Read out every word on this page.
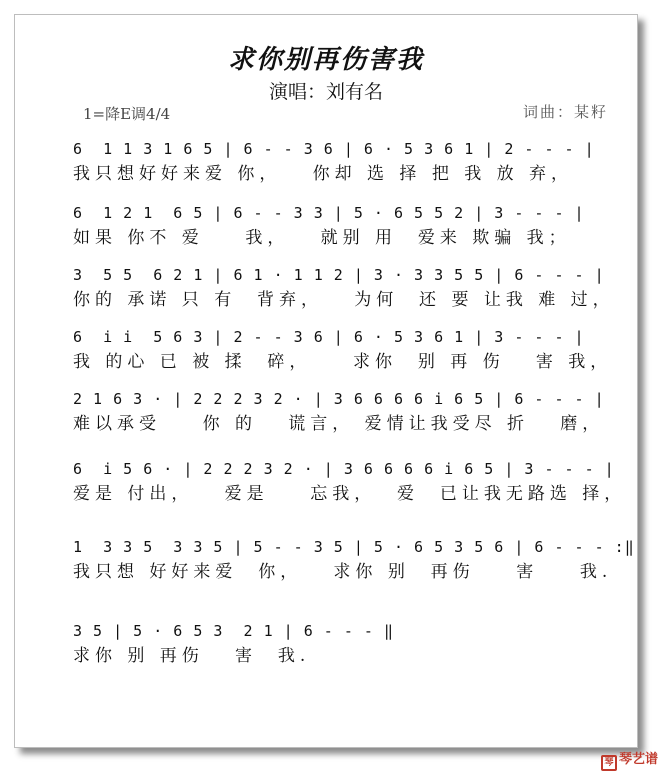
求你别再伤害我
演唱：刘有名
1=降E调4/4	词曲：某籽
6  1 1 3 1 6 5 | 6 - - 3 6 | 6 · 5 3 6 1 | 2 - - - |
我只想好好来爱 你，   你却 选 择 把 我 放 弃，
6  1 2 1  6 5 | 6 - - 3 3 | 5 · 6 5 5 2 | 3 - - - |
如果 你不 爱    我，   就别 用  爱来 欺骗 我；
3  5 5  6 2 1 | 6 1 · 1 1 2 | 3 · 3 3 5 5 | 6 - - - |
你的 承诺 只 有  背弃，   为何  还 要 让我 难 过，
6  i i  5 6 3 | 2 - - 3 6 | 6 · 5 3 6 1 | 3 - - - |
我 的心 已 被 揉  碎，    求你  别 再 伤   害 我，
2 1 6 3 · | 2 2 2 3 2 · | 3 6 6 6 6 i 6 5 | 6 - - - |
难以承受    你 的   谎言， 爱情让我受尽 折   磨，
6  i 5 6 · | 2 2 2 3 2 · | 3 6 6 6 6 i 6 5 | 3 - - - |
爱是 付出，   爱是    忘我，  爱  已让我无路选 择，
1  3 3 5  3 3 5 | 5 - - 3 5 | 5 · 6 5 3 5 6 | 6 - - - :‖
我只想 好好来爱  你，   求你 别  再伤    害    我.
3 5 | 5 · 6 5 3  2 1 | 6 - - - ‖
求你 别 再伤   害  我.
琴 琴艺谱
